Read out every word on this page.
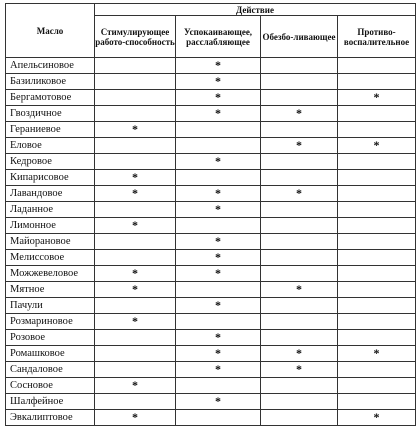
Масло	Действие			
	Стимулирующее работо-способность	Успокаивающее, расслабляющее	Обезбо-ливающее	Противо-воспалительное
Апельсиновое		*		
Базиликовое		*		
Бергамотовое		*		*
Гвоздичное		*	*	
Гераниевое	*			
Еловое			*	*
Кедровое		*		
Кипарисовое	*			
Лавандовое	*	*	*	
Ладанное		*		
Лимонное	*			
Майорановое		*		
Мелиссовое		*		
Можжевеловое	*	*		
Мятное	*		*	
Пачули		*		
Розмариновое	*			
Розовое		*		
Ромашковое		*	*	*
Сандаловое		*	*	
Сосновое	*			
Шалфейное		*		
Эвкалиптовое	*			*
